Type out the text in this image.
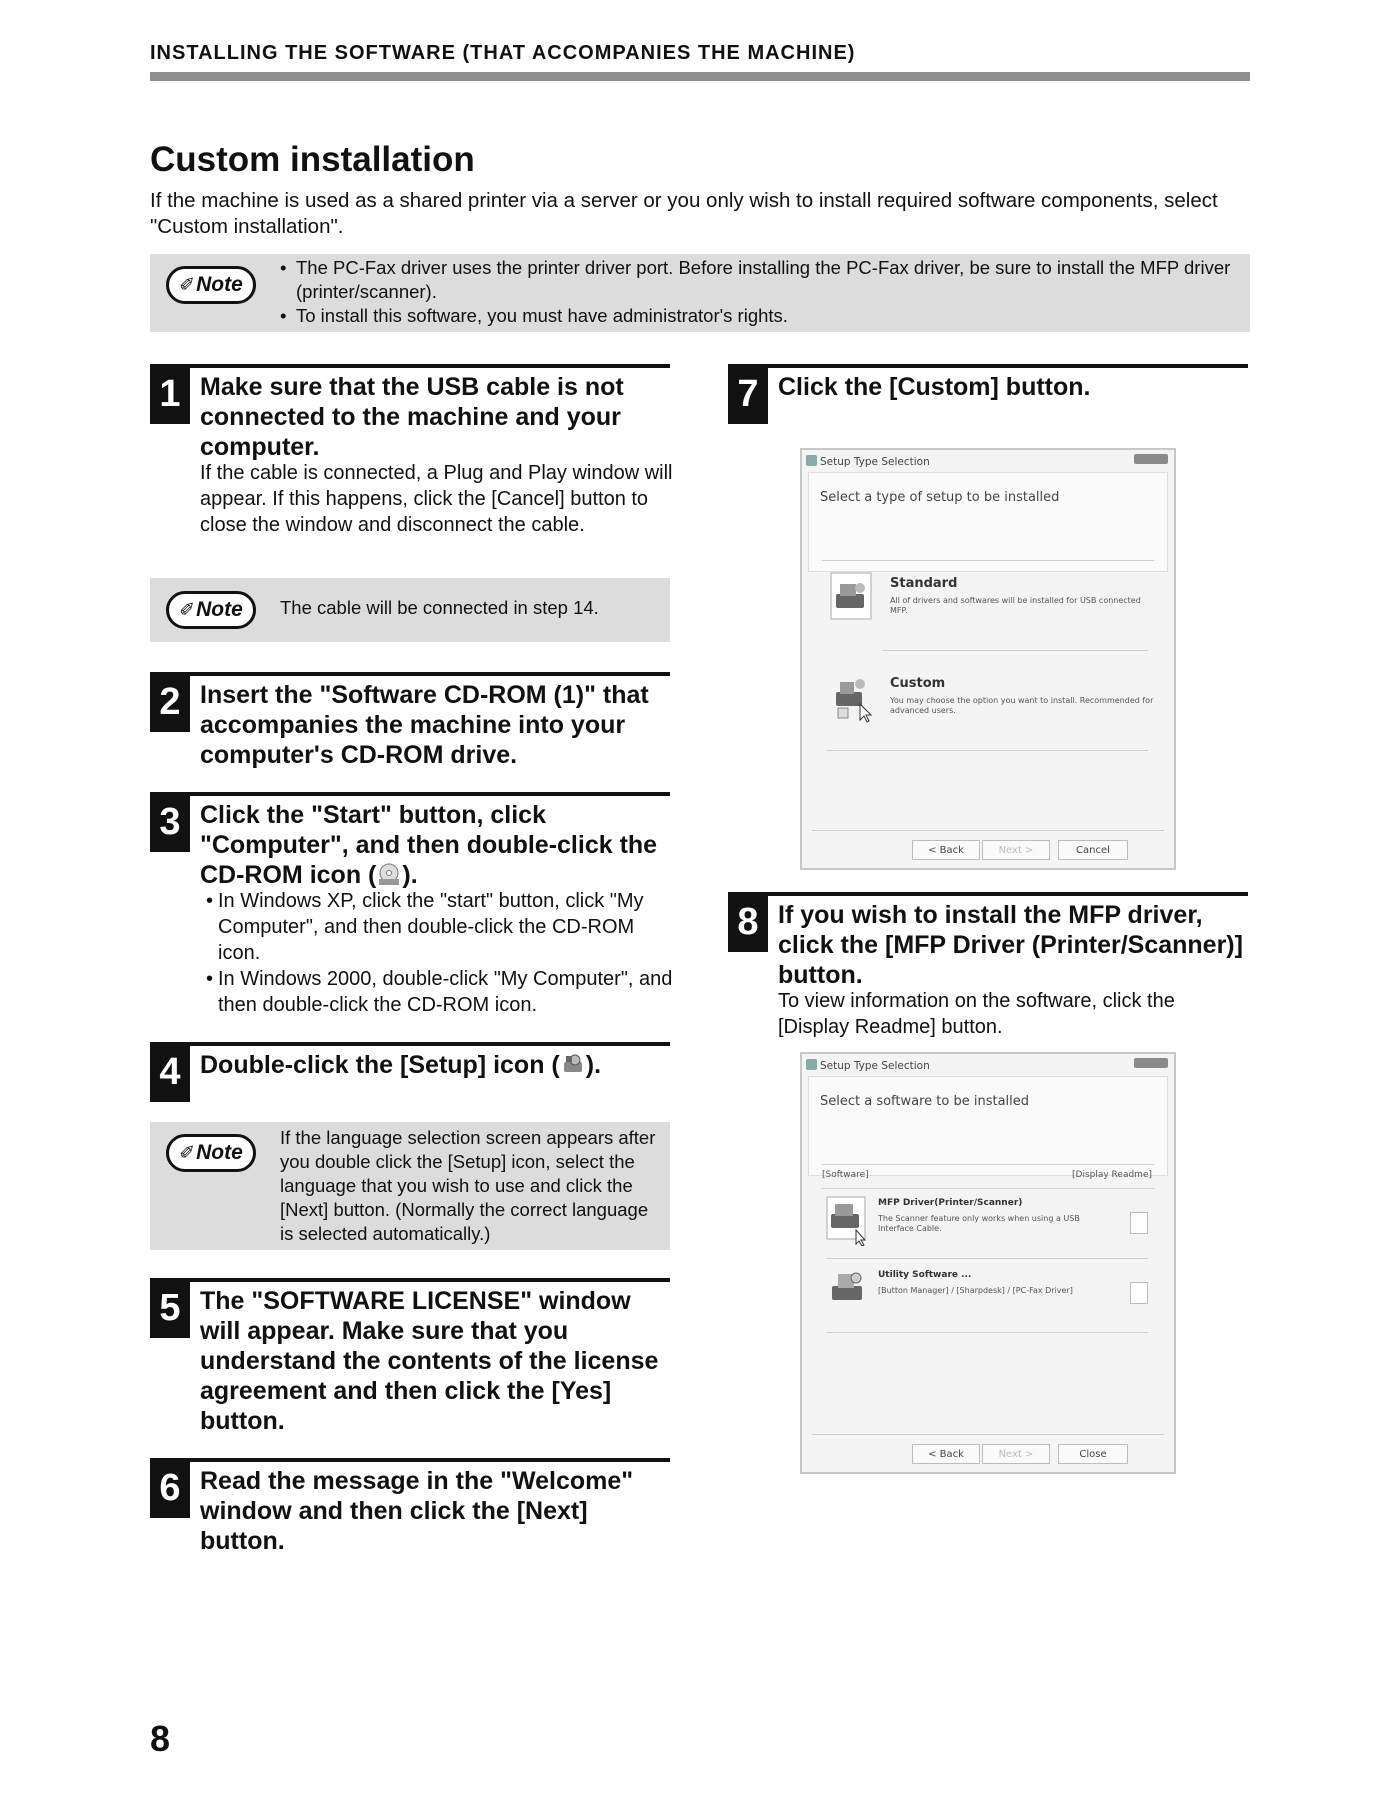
INSTALLING THE SOFTWARE (THAT ACCOMPANIES THE MACHINE)
Custom installation
If the machine is used as a shared printer via a server or you only wish to install required software components, select "Custom installation".
✐ Note
• The PC-Fax driver uses the printer driver port. Before installing the PC-Fax driver, be sure to install the MFP driver (printer/scanner).
• To install this software, you must have administrator's rights.
1 Make sure that the USB cable is not connected to the machine and your computer.
If the cable is connected, a Plug and Play window will appear. If this happens, click the [Cancel] button to close the window and disconnect the cable.
✐ Note The cable will be connected in step 14.
2 Insert the "Software CD-ROM (1)" that accompanies the machine into your computer's CD-ROM drive.
3 Click the "Start" button, click "Computer", and then double-click the CD-ROM icon ( ).
• In Windows XP, click the "start" button, click "My Computer", and then double-click the CD-ROM icon.
• In Windows 2000, double-click "My Computer", and then double-click the CD-ROM icon.
4 Double-click the [Setup] icon ( ).
✐ Note
If the language selection screen appears after you double click the [Setup] icon, select the language that you wish to use and click the [Next] button. (Normally the correct language is selected automatically.)
5 The "SOFTWARE LICENSE" window will appear. Make sure that you understand the contents of the license agreement and then click the [Yes] button.
6 Read the message in the "Welcome" window and then click the [Next] button.
7 Click the [Custom] button.
Setup Type Selection
Select a type of setup to be installed
Standard
All of drivers and softwares will be installed for USB connected MFP.
Custom
You may choose the option you want to install. Recommended for advanced users.
< Back	Next >	Cancel
8 If you wish to install the MFP driver, click the [MFP Driver (Printer/Scanner)] button.
To view information on the software, click the [Display Readme] button.
Setup Type Selection
Select a software to be installed
[Software]	[Display Readme]
MFP Driver(Printer/Scanner)
The Scanner feature only works when using a USB Interface Cable.
Utility Software ...
[Button Manager] / [Sharpdesk] / [PC-Fax Driver]
< Back	Next >	Close
8
